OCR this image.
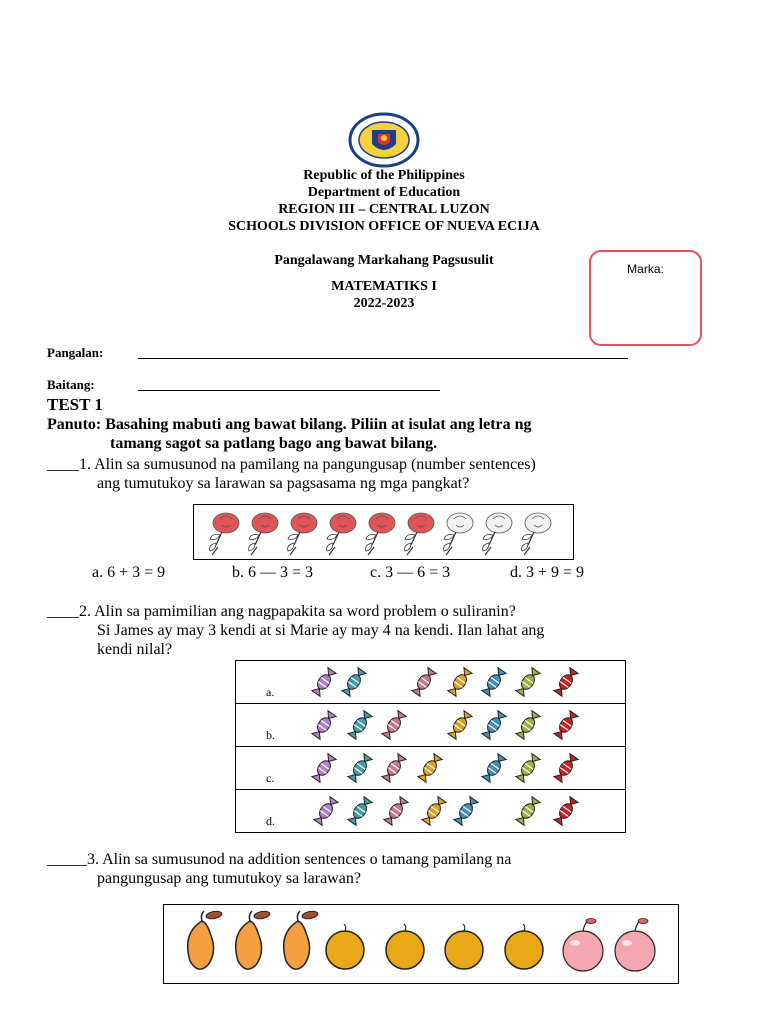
Republic of the Philippines
Department of Education
REGION III – CENTRAL LUZON
SCHOOLS DIVISION OFFICE OF NUEVA ECIJA
Pangalawang Markahang Pagsusulit
MATEMATIKS I
2022-2023
Marka:
Pangalan:
Baitang:
TEST 1
Panuto: Basahing mabuti ang bawat bilang. Piliin at isulat ang letra ng
tamang sagot sa patlang bago ang bawat bilang.
____1. Alin sa sumusunod na pamilang na pangungusap (number sentences)
ang tumutukoy sa larawan sa pagsasama ng mga pangkat?
a. 6 + 3 = 9	b. 6 — 3 = 3	c. 3 — 6 = 3	d. 3 + 9 = 9
____2. Alin sa pamimilian ang nagpapakita sa word problem o suliranin?
Si James ay may 3 kendi at si Marie ay may 4 na kendi. Ilan lahat ang
kendi nilal?
a.
b.
c.
d.
_____3. Alin sa sumusunod na addition sentences o tamang pamilang na
pangungusap ang tumutukoy sa larawan?
